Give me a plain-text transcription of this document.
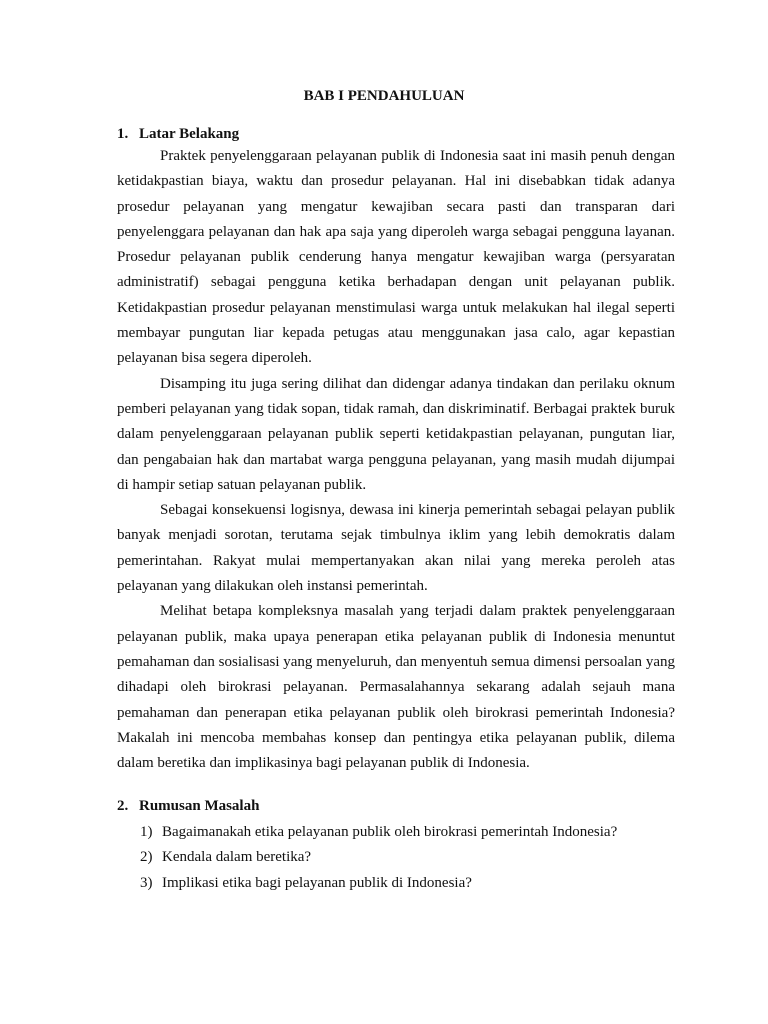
BAB I PENDAHULUAN
1. Latar Belakang

Praktek penyelenggaraan pelayanan publik di Indonesia saat ini masih penuh dengan ketidakpastian biaya, waktu dan prosedur pelayanan. Hal ini disebabkan tidak adanya prosedur pelayanan yang mengatur kewajiban secara pasti dan transparan dari penyelenggara pelayanan dan hak apa saja yang diperoleh warga sebagai pengguna layanan. Prosedur pelayanan publik cenderung hanya mengatur kewajiban warga (persyaratan administratif) sebagai pengguna ketika berhadapan dengan unit pelayanan publik. Ketidakpastian prosedur pelayanan menstimulasi warga untuk melakukan hal ilegal seperti membayar pungutan liar kepada petugas atau menggunakan jasa calo, agar kepastian pelayanan bisa segera diperoleh.

Disamping itu juga sering dilihat dan didengar adanya tindakan dan perilaku oknum pemberi pelayanan yang tidak sopan, tidak ramah, dan diskriminatif. Berbagai praktek buruk dalam penyelenggaraan pelayanan publik seperti ketidakpastian pelayanan, pungutan liar, dan pengabaian hak dan martabat warga pengguna pelayanan, yang masih mudah dijumpai di hampir setiap satuan pelayanan publik.

Sebagai konsekuensi logisnya, dewasa ini kinerja pemerintah sebagai pelayan publik banyak menjadi sorotan, terutama sejak timbulnya iklim yang lebih demokratis dalam pemerintahan. Rakyat mulai mempertanyakan akan nilai yang mereka peroleh atas pelayanan yang dilakukan oleh instansi pemerintah.

Melihat betapa kompleksnya masalah yang terjadi dalam praktek penyelenggaraan pelayanan publik, maka upaya penerapan etika pelayanan publik di Indonesia menuntut pemahaman dan sosialisasi yang menyeluruh, dan menyentuh semua dimensi persoalan yang dihadapi oleh birokrasi pelayanan. Permasalahannya sekarang adalah sejauh mana pemahaman dan penerapan etika pelayanan publik oleh birokrasi pemerintah Indonesia? Makalah ini mencoba membahas konsep dan pentingya etika pelayanan publik, dilema dalam beretika dan implikasinya bagi pelayanan publik di Indonesia.

2. Rumusan Masalah
1) Bagaimanakah etika pelayanan publik oleh birokrasi pemerintah Indonesia?
2) Kendala dalam beretika?
3) Implikasi etika bagi pelayanan publik di Indonesia?
